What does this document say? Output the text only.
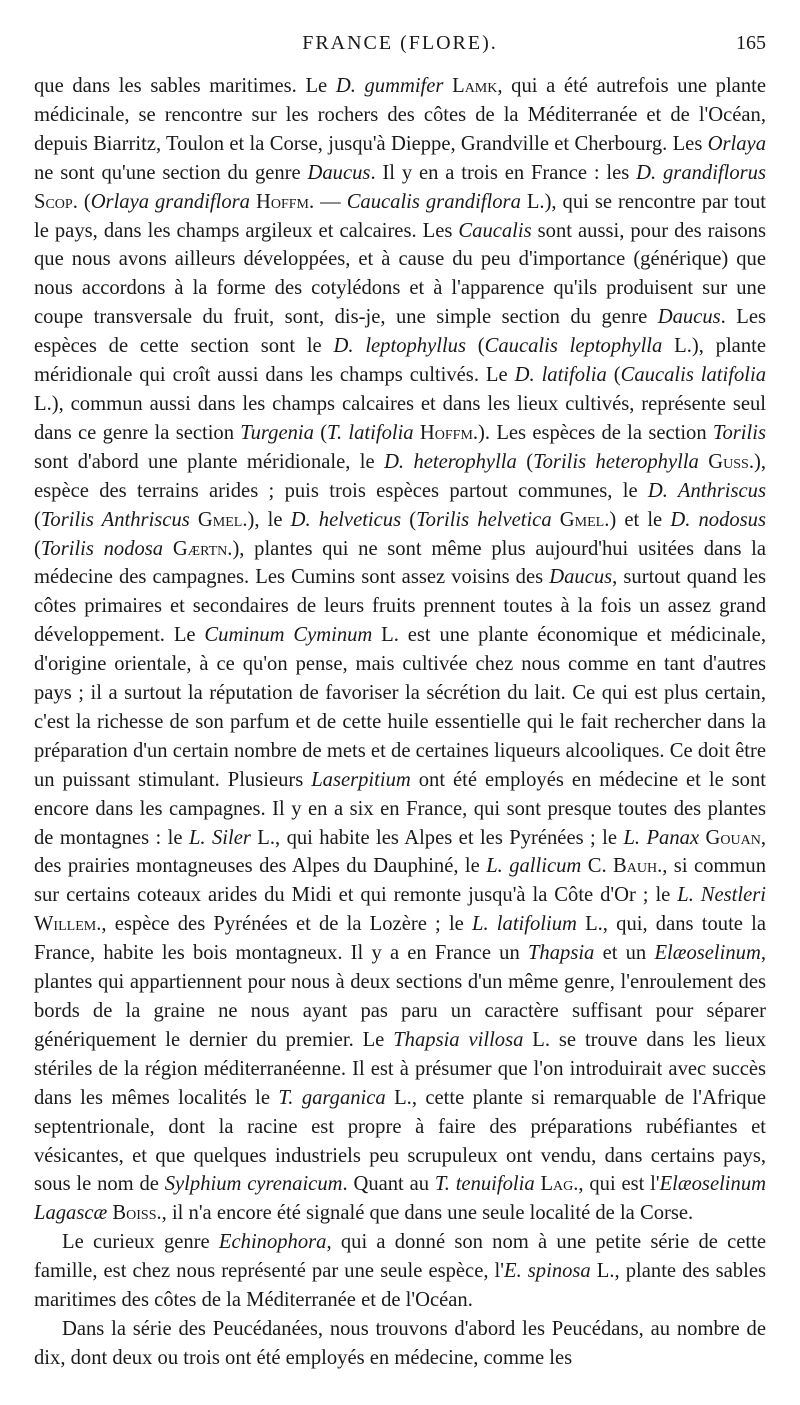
FRANCE (FLORE).	165

que dans les sables maritimes. Le D. gummifer Lamk, qui a été autrefois une plante médicinale, se rencontre sur les rochers des côtes de la Méditerranée et de l'Océan, depuis Biarritz, Toulon et la Corse, jusqu'à Dieppe, Grandville et Cherbourg. Les Orlaya ne sont qu'une section du genre Daucus. Il y en a trois en France : les D. grandiflorus Scop. (Orlaya grandiflora Hoffm. — Caucalis grandiflora L.), qui se rencontre par tout le pays, dans les champs argileux et calcaires. Les Caucalis sont aussi, pour des raisons que nous avons ailleurs développées, et à cause du peu d'importance (générique) que nous accordons à la forme des cotylédons et à l'apparence qu'ils produisent sur une coupe transversale du fruit, sont, dis-je, une simple section du genre Daucus. Les espèces de cette section sont le D. leptophyllus (Caucalis leptophylla L.), plante méridionale qui croît aussi dans les champs cultivés. Le D. latifolia (Caucalis latifolia L.), commun aussi dans les champs calcaires et dans les lieux cultivés, représente seul dans ce genre la section Turgenia (T. latifolia Hoffm.). Les espèces de la section Torilis sont d'abord une plante méridionale, le D. heterophylla (Torilis heterophylla Guss.), espèce des terrains arides ; puis trois espèces partout communes, le D. Anthriscus (Torilis Anthriscus Gmel.), le D. helveticus (Torilis helvetica Gmel.) et le D. nodosus (Torilis nodosa Gærtn.), plantes qui ne sont même plus aujourd'hui usitées dans la médecine des campagnes. Les Cumins sont assez voisins des Daucus, surtout quand les côtes primaires et secondaires de leurs fruits prennent toutes à la fois un assez grand développement. Le Cuminum Cyminum L. est une plante économique et médicinale, d'origine orientale, à ce qu'on pense, mais cultivée chez nous comme en tant d'autres pays ; il a surtout la réputation de favoriser la sécrétion du lait. Ce qui est plus certain, c'est la richesse de son parfum et de cette huile essentielle qui le fait rechercher dans la préparation d'un certain nombre de mets et de certaines liqueurs alcooliques. Ce doit être un puissant stimulant. Plusieurs Laserpitium ont été employés en médecine et le sont encore dans les campagnes. Il y en a six en France, qui sont presque toutes des plantes de montagnes : le L. Siler L., qui habite les Alpes et les Pyrénées ; le L. Panax Gouan, des prairies montagneuses des Alpes du Dauphiné, le L. gallicum C. Bauh., si commun sur certains coteaux arides du Midi et qui remonte jusqu'à la Côte d'Or ; le L. Nestleri Willem., espèce des Pyrénées et de la Lozère ; le L. latifolium L., qui, dans toute la France, habite les bois montagneux. Il y a en France un Thapsia et un Elæoselinum, plantes qui appartiennent pour nous à deux sections d'un même genre, l'enroulement des bords de la graine ne nous ayant pas paru un caractère suffisant pour séparer génériquement le dernier du premier. Le Thapsia villosa L. se trouve dans les lieux stériles de la région méditerranéenne. Il est à présumer que l'on introduirait avec succès dans les mêmes localités le T. garganica L., cette plante si remarquable de l'Afrique septentrionale, dont la racine est propre à faire des préparations rubéfiantes et vésicantes, et que quelques industriels peu scrupuleux ont vendu, dans certains pays, sous le nom de Sylphium cyrenaicum. Quant au T. tenuifolia Lag., qui est l'Elæoselinum Lagascæ Boiss., il n'a encore été signalé que dans une seule localité de la Corse.

Le curieux genre Echinophora, qui a donné son nom à une petite série de cette famille, est chez nous représenté par une seule espèce, l'E. spinosa L., plante des sables maritimes des côtes de la Méditerranée et de l'Océan.

Dans la série des Peucédanées, nous trouvons d'abord les Peucédans, au nombre de dix, dont deux ou trois ont été employés en médecine, comme les
